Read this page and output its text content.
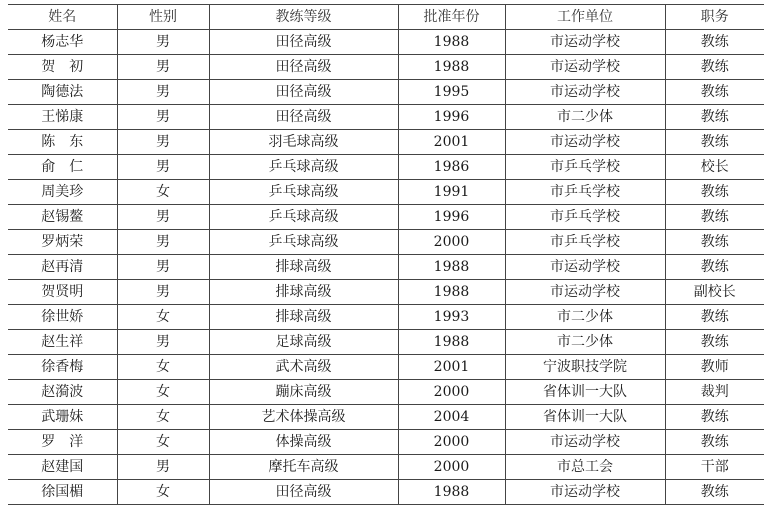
姓名	性别	教练等级	批准年份	工作单位	职务
杨志华	男	田径高级	1988	市运动学校	教练
贺　初	男	田径高级	1988	市运动学校	教练
陶德法	男	田径高级	1995	市运动学校	教练
王悌康	男	田径高级	1996	市二少体	教练
陈　东	男	羽毛球高级	2001	市运动学校	教练
俞　仁	男	乒乓球高级	1986	市乒乓学校	校长
周美珍	女	乒乓球高级	1991	市乒乓学校	教练
赵锡鳌	男	乒乓球高级	1996	市乒乓学校	教练
罗炳荣	男	乒乓球高级	2000	市乒乓学校	教练
赵再清	男	排球高级	1988	市运动学校	教练
贺贤明	男	排球高级	1988	市运动学校	副校长
徐世娇	女	排球高级	1993	市二少体	教练
赵生祥	男	足球高级	1988	市二少体	教练
徐香梅	女	武术高级	2001	宁波职技学院	教师
赵漪波	女	蹦床高级	2000	省体训一大队	裁判
武珊妹	女	艺术体操高级	2004	省体训一大队	教练
罗　洋	女	体操高级	2000	市运动学校	教练
赵建国	男	摩托车高级	2000	市总工会	干部
徐国楣	女	田径高级	1988	市运动学校	教练
